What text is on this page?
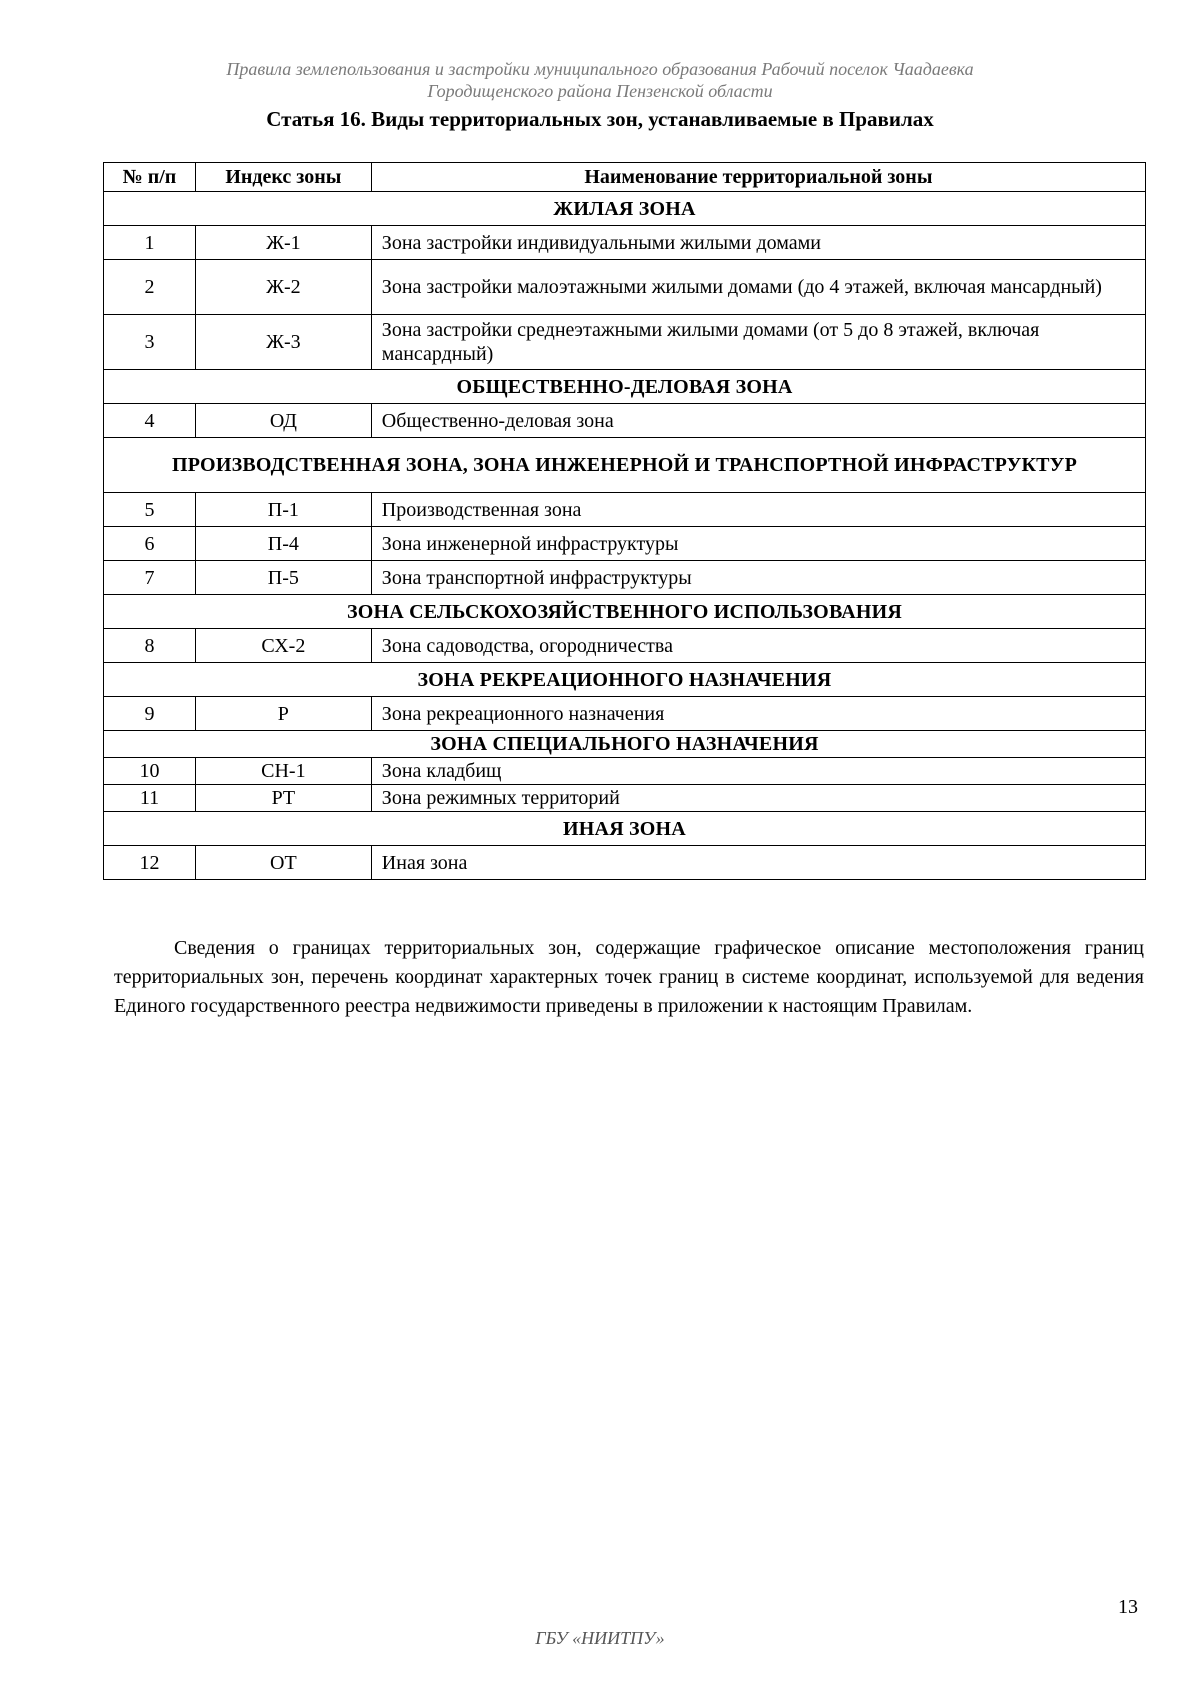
Правила землепользования и застройки муниципального образования Рабочий поселок Чаадаевка
Городищенского района Пензенской области
Статья 16. Виды территориальных зон, устанавливаемые в Правилах
№ п/п	Индекс зоны	Наименование территориальной зоны
ЖИЛАЯ ЗОНА		
1	Ж-1	Зона застройки индивидуальными жилыми домами
2	Ж-2	Зона застройки малоэтажными жилыми домами (до 4 этажей, включая мансардный)
3	Ж-3	Зона застройки среднеэтажными жилыми домами (от 5 до 8 этажей, включая мансардный)
ОБЩЕСТВЕННО-ДЕЛОВАЯ ЗОНА		
4	ОД	Общественно-деловая зона
ПРОИЗВОДСТВЕННАЯ ЗОНА, ЗОНА ИНЖЕНЕРНОЙ И ТРАНСПОРТНОЙ ИНФРАСТРУКТУР		
5	П-1	Производственная зона
6	П-4	Зона инженерной инфраструктуры
7	П-5	Зона транспортной инфраструктуры
ЗОНА СЕЛЬСКОХОЗЯЙСТВЕННОГО ИСПОЛЬЗОВАНИЯ		
8	СХ-2	Зона садоводства, огородничества
ЗОНА РЕКРЕАЦИОННОГО НАЗНАЧЕНИЯ		
9	Р	Зона рекреационного назначения
ЗОНА СПЕЦИАЛЬНОГО НАЗНАЧЕНИЯ		
10	СН-1	Зона кладбищ
11	РТ	Зона режимных территорий
ИНАЯ ЗОНА		
12	ОТ	Иная зона
Сведения о границах территориальных зон, содержащие графическое описание местоположения границ территориальных зон, перечень координат характерных точек границ в системе координат, используемой для ведения Единого государственного реестра недвижимости приведены в приложении к настоящим Правилам.
13
ГБУ «НИИТПУ»
